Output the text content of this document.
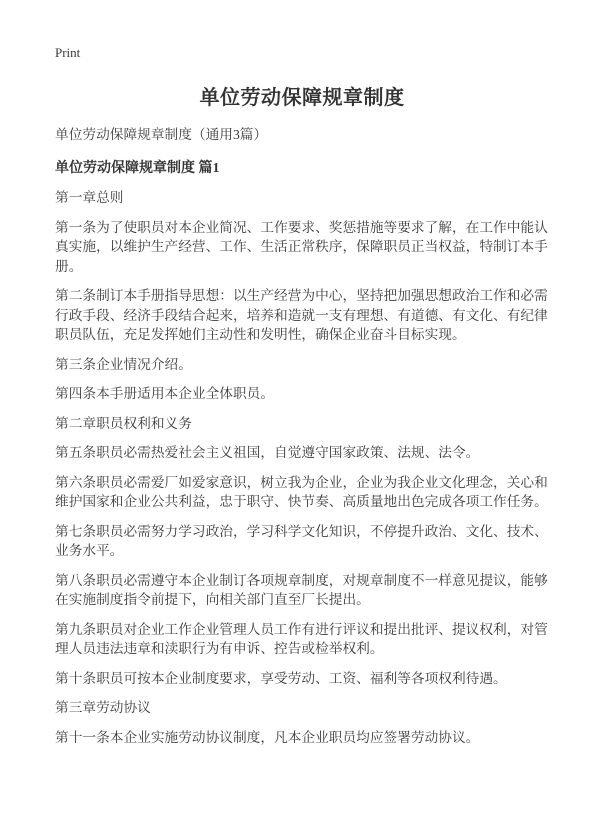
Print
单位劳动保障规章制度

单位劳动保障规章制度（通用3篇）

单位劳动保障规章制度 篇1

第一章总则

第一条为了使职员对本企业简况、工作要求、奖惩措施等要求了解，在工作中能认真实施，以维护生产经营、工作、生活正常秩序，保障职员正当权益，特制订本手册。

第二条制订本手册指导思想：以生产经营为中心，坚持把加强思想政治工作和必需行政手段、经济手段结合起来，培养和造就一支有理想、有道德、有文化、有纪律职员队伍，充足发挥她们主动性和发明性，确保企业奋斗目标实现。

第三条企业情况介绍。

第四条本手册适用本企业全体职员。

第二章职员权利和义务

第五条职员必需热爱社会主义祖国，自觉遵守国家政策、法规、法令。

第六条职员必需爱厂如爱家意识，树立我为企业，企业为我企业文化理念，关心和维护国家和企业公共利益，忠于职守、快节奏、高质量地出色完成各项工作任务。

第七条职员必需努力学习政治，学习科学文化知识，不停提升政治、文化、技术、业务水平。

第八条职员必需遵守本企业制订各项规章制度，对规章制度不一样意见提议，能够在实施制度指令前提下，向相关部门直至厂长提出。

第九条职员对企业工作企业管理人员工作有进行评议和提出批评、提议权利，对管理人员违法违章和渎职行为有申诉、控告或检举权利。

第十条职员可按本企业制度要求，享受劳动、工资、福利等各项权利待遇。

第三章劳动协议

第十一条本企业实施劳动协议制度，凡本企业职员均应签署劳动协议。
